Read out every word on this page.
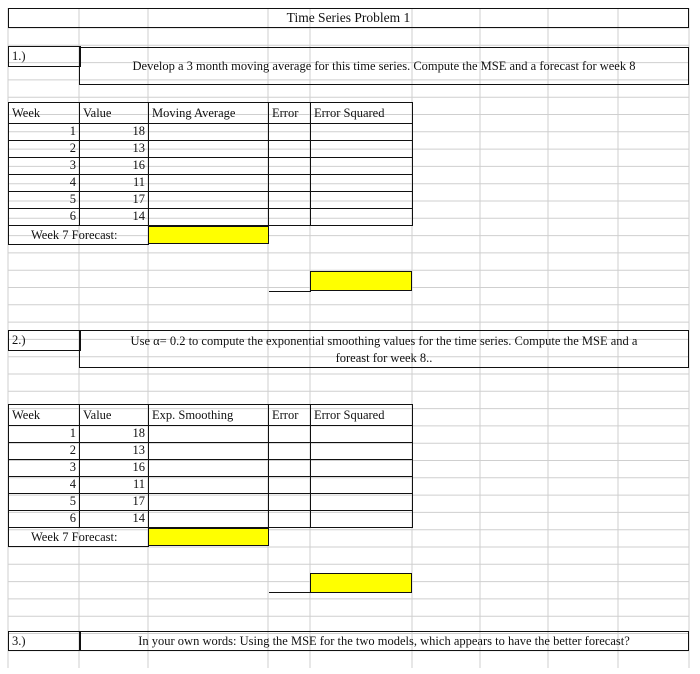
Time Series Problem 1
1.)
Develop a 3 month moving average for this time series. Compute the MSE and a forecast for week 8
Week	Value	Moving Average	Error	Error Squared
1	18
2	13
3	16
4	11
5	17
6	14
Week 7 Forecast:
2.)	Use α= 0.2 to compute the exponential smoothing values for the time series. Compute the MSE and a
foreast for week 8..
Week	Value	Exp. Smoothing	Error	Error Squared
1	18
2	13
3	16
4	11
5	17
6	14
Week 7 Forecast:
3.)	In your own words: Using the MSE for the two models, which appears to have the better forecast?
